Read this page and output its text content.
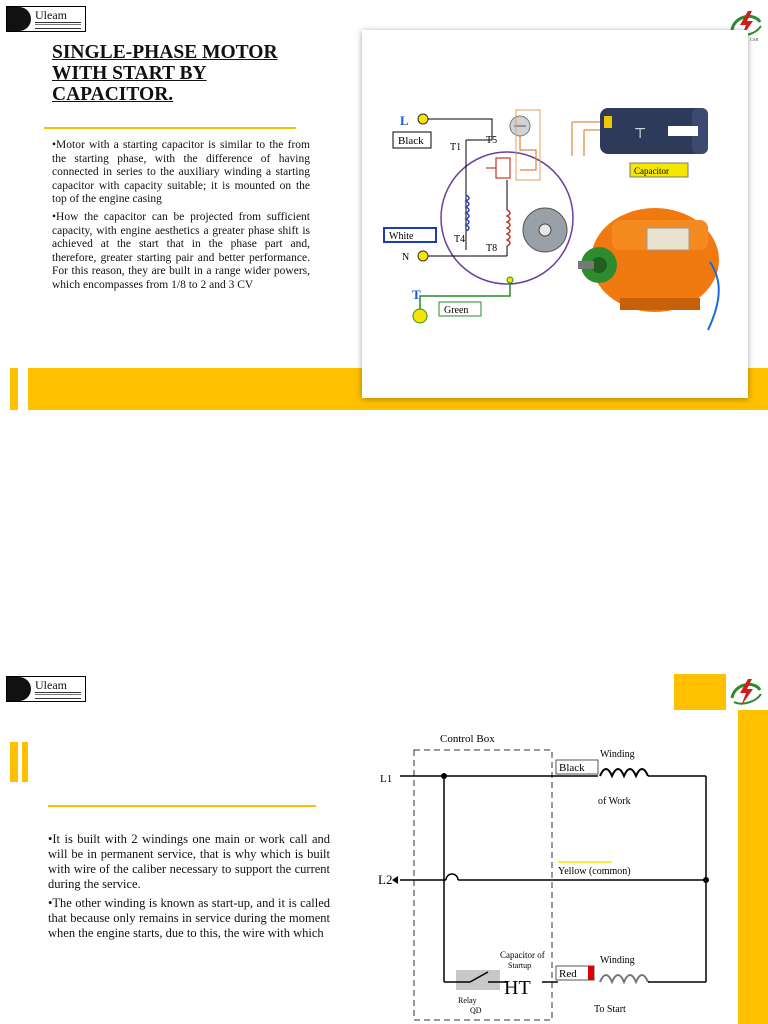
Uleam
CAR
SINGLE-PHASE MOTOR WITH START BY CAPACITOR.

•Motor with a starting capacitor is similar to the from the starting phase, with the difference of having connected in series to the auxiliary winding a starting capacitor with capacity suitable; it is mounted on the top of the engine casing

•How the capacitor can be projected from sufficient capacity, with engine aesthetics a greater phase shift is achieved at the start that in the phase part and, therefore, greater starting pair and better performance. For this reason, they are built in a range wider powers, which encompasses from 1/8 to 2 and 3 CV

L
Black
T1
T5
N
T4
T8
White
T
Green
⊤
Capacitor
Uleam

•It is built with 2 windings one main or work call and will be in permanent service, that is why which is built with wire of the caliber necessary to support the current during the service.

•The other winding is known as start-up, and it is called that because only remains in service during the moment when the engine starts, due to this, the wire with which

Control Box
L1
Black
Winding
of Work
L2
Yellow (common)
Relay
QD
Capacitor of
Startup
HT
Red
Winding
To Start
